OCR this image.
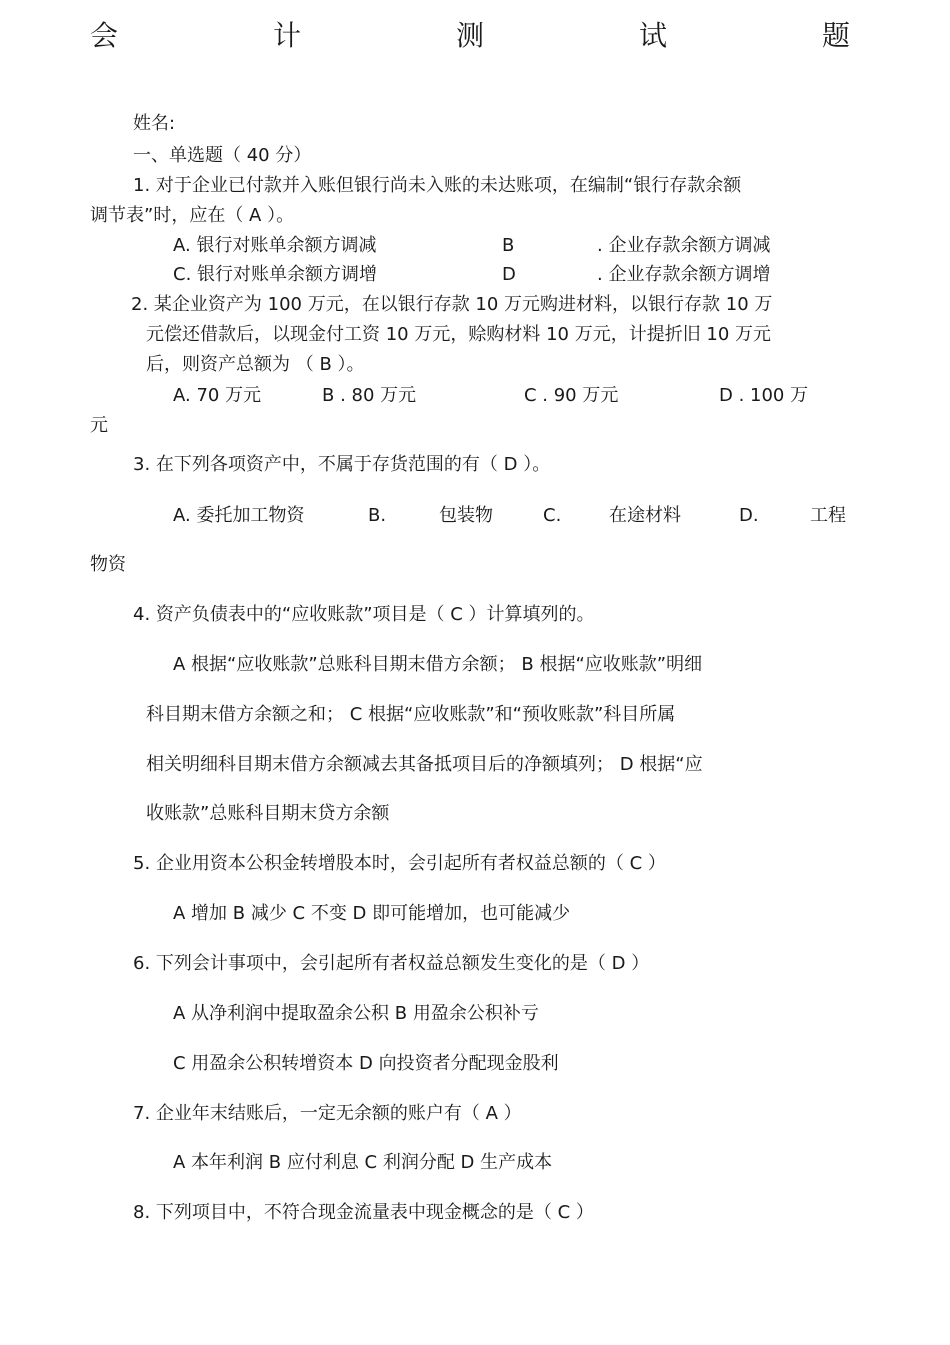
会	计	测	试	题
姓名:
一、单选题（ 40 分）
1. 对于企业已付款并入账但银行尚未入账的未达账项，在编制“银行存款余额
调节表”时，应在（ A ）。
A. 银行对账单余额方调减	B	. 企业存款余额方调减
C. 银行对账单余额方调增	D	. 企业存款余额方调增
2. 某企业资产为 100 万元，在以银行存款 10 万元购进材料，以银行存款 10 万
元偿还借款后，以现金付工资 10 万元，赊购材料 10 万元，计提折旧 10 万元
后，则资产总额为 （ B ）。
A. 70 万元	B . 80 万元	C . 90 万元	D . 100 万
元
3. 在下列各项资产中，不属于存货范围的有（ D ）。
A. 委托加工物资	B.	包装物	C.	在途材料	D.	工程
物资
4. 资产负债表中的“应收账款”项目是（ C ）计算填列的。
A 根据“应收账款”总账科目期末借方余额； B 根据“应收账款”明细
科目期末借方余额之和； C 根据“应收账款”和“预收账款”科目所属
相关明细科目期末借方余额减去其备抵项目后的净额填列； D 根据“应
收账款”总账科目期末贷方余额
5. 企业用资本公积金转增股本时，会引起所有者权益总额的（ C ）
A 增加 B 减少 C 不变 D 即可能增加，也可能减少
6. 下列会计事项中，会引起所有者权益总额发生变化的是（ D ）
A 从净利润中提取盈余公积 B 用盈余公积补亏
C 用盈余公积转增资本 D 向投资者分配现金股利
7. 企业年末结账后，一定无余额的账户有（ A ）
A 本年利润 B 应付利息 C 利润分配 D 生产成本
8. 下列项目中，不符合现金流量表中现金概念的是（ C ）
